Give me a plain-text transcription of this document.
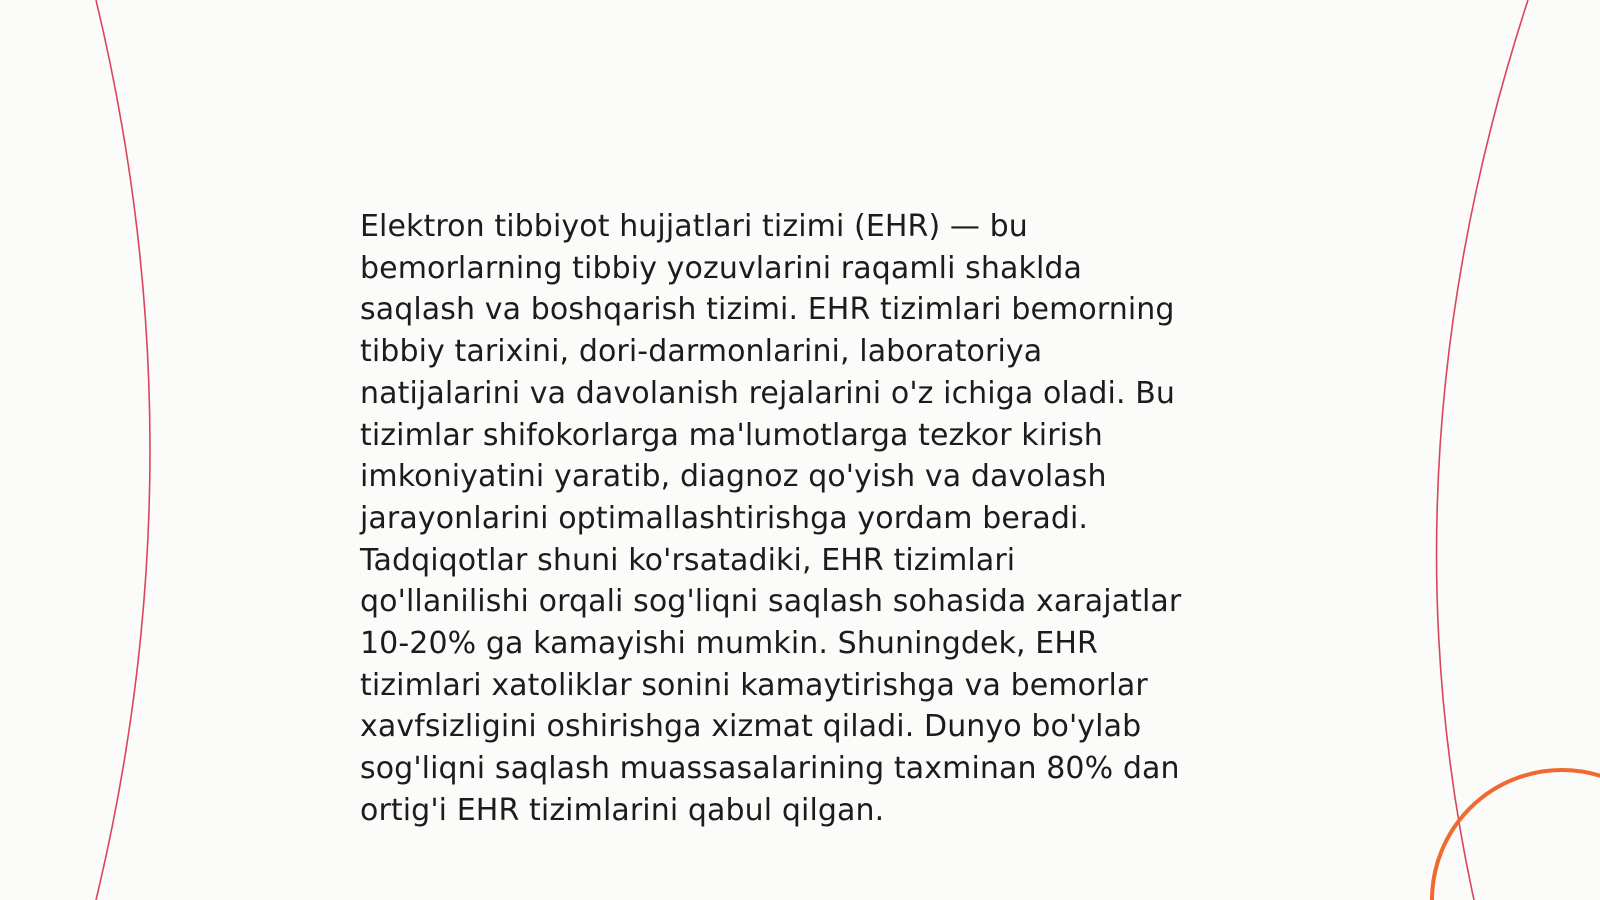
Elektron tibbiyot hujjatlari tizimi (EHR) — bu
bemorlarning tibbiy yozuvlarini raqamli shaklda
saqlash va boshqarish tizimi. EHR tizimlari bemorning
tibbiy tarixini, dori-darmonlarini, laboratoriya
natijalarini va davolanish rejalarini o'z ichiga oladi. Bu
tizimlar shifokorlarga ma'lumotlarga tezkor kirish
imkoniyatini yaratib, diagnoz qo'yish va davolash
jarayonlarini optimallashtirishga yordam beradi.
Tadqiqotlar shuni ko'rsatadiki, EHR tizimlari
qo'llanilishi orqali sog'liqni saqlash sohasida xarajatlar
10-20% ga kamayishi mumkin. Shuningdek, EHR
tizimlari xatoliklar sonini kamaytirishga va bemorlar
xavfsizligini oshirishga xizmat qiladi. Dunyo bo'ylab
sog'liqni saqlash muassasalarining taxminan 80% dan
ortig'i EHR tizimlarini qabul qilgan.
